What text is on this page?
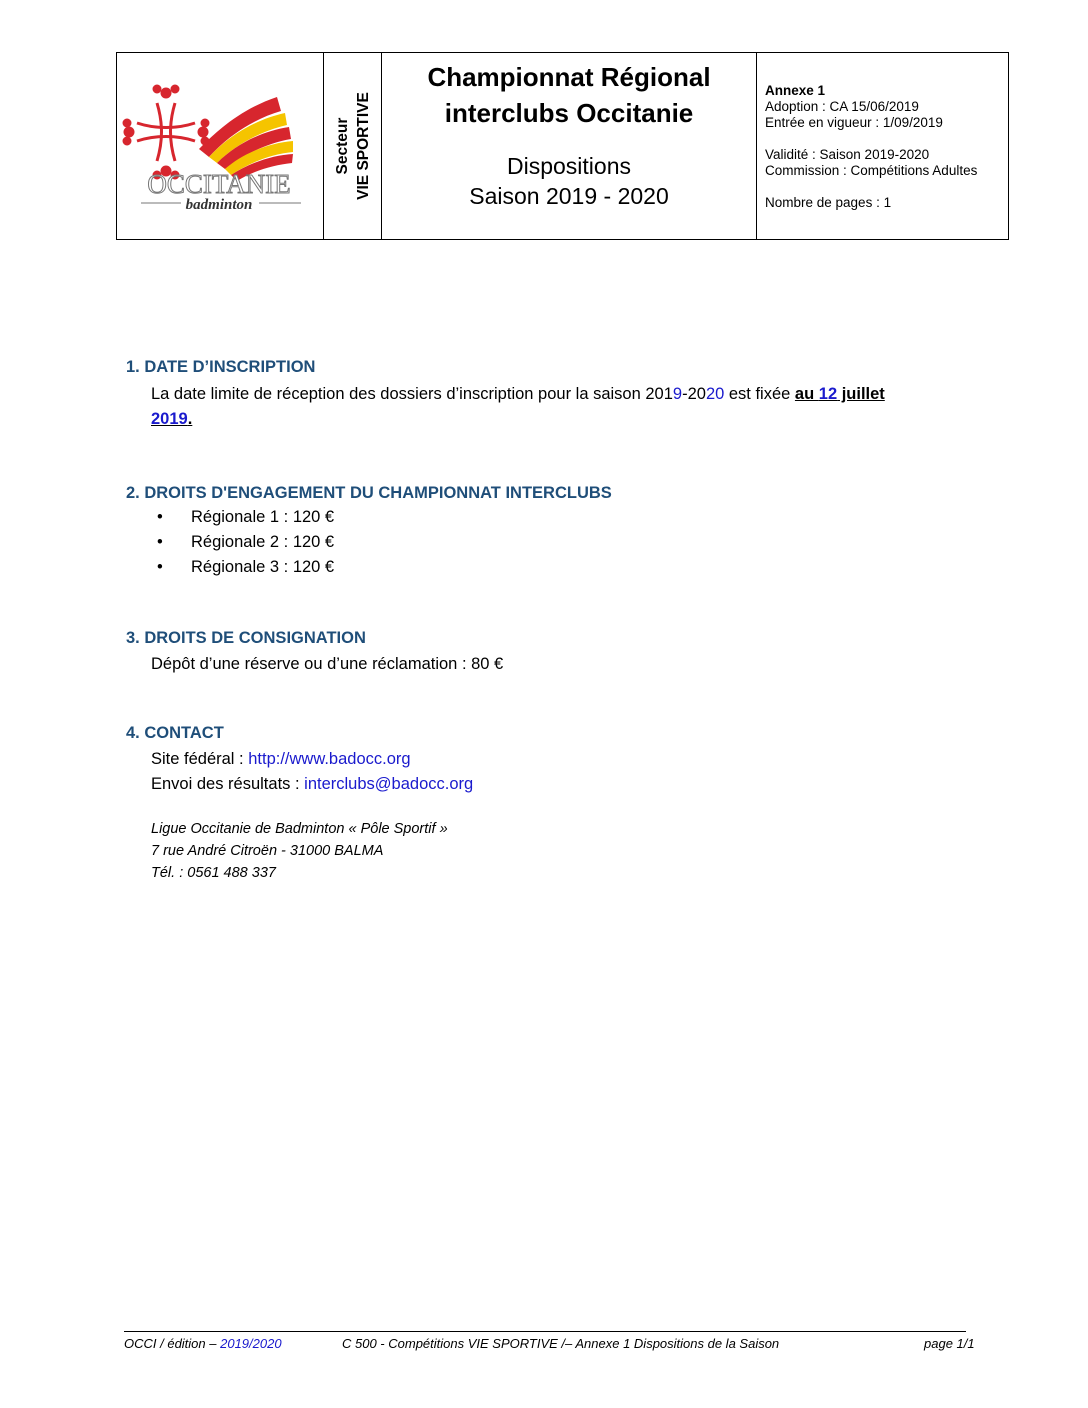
OCCITANIE
badminton
Secteur VIE SPORTIVE
Championnat Régional
interclubs Occitanie
Dispositions
Saison 2019 - 2020
Annexe 1
Adoption : CA 15/06/2019
Entrée en vigueur : 1/09/2019
Validité : Saison 2019-2020
Commission : Compétitions Adultes
Nombre de pages : 1
1. DATE D’INSCRIPTION
La date limite de réception des dossiers d’inscription pour la saison 2019-2020 est fixée au 12 juillet
2019.
2. DROITS D'ENGAGEMENT DU CHAMPIONNAT INTERCLUBS
• Régionale 1 : 120 €
• Régionale 2 : 120 €
• Régionale 3 : 120 €
3. DROITS DE CONSIGNATION
Dépôt d’une réserve ou d’une réclamation : 80 €
4. CONTACT
Site fédéral : http://www.badocc.org
Envoi des résultats : interclubs@badocc.org
Ligue Occitanie de Badminton « Pôle Sportif »
7 rue André Citroën - 31000 BALMA
Tél. : 0561 488 337
OCCI / édition – 2019/2020	C 500 - Compétitions VIE SPORTIVE /– Annexe 1 Dispositions de la Saison	page 1/1
